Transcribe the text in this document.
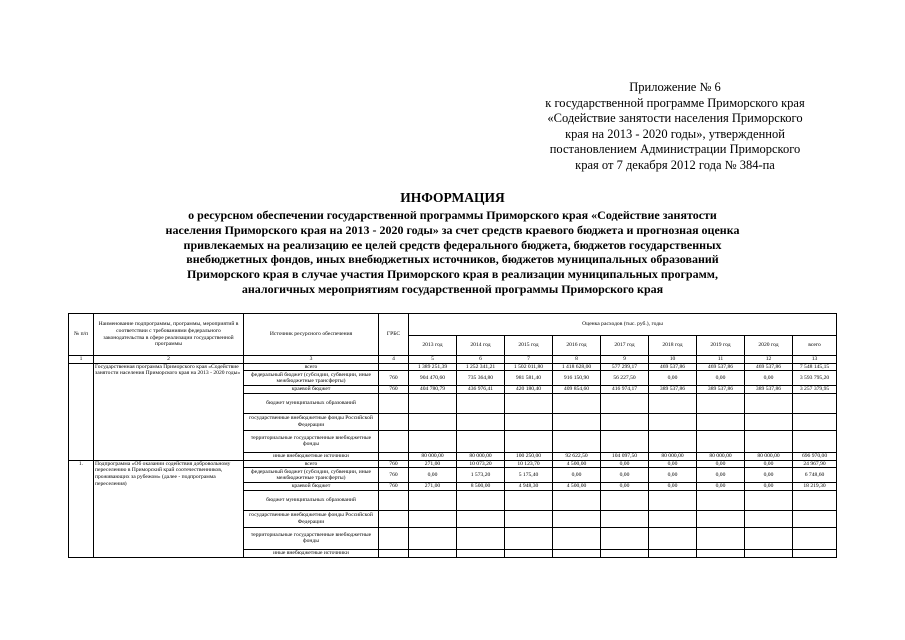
Приложение № 6
к государственной программе Приморского края
«Содействие занятости населения Приморского
края на 2013 - 2020 годы», утвержденной
постановлением Администрации Приморского
края от 7 декабря 2012 года № 384-па
ИНФОРМАЦИЯ
о ресурсном обеспечении государственной программы Приморского края «Содействие занятости
населения Приморского края на 2013 - 2020 годы» за счет средств краевого бюджета и прогнозная оценка
привлекаемых на реализацию ее целей средств федерального бюджета, бюджетов государственных
внебюджетных фондов, иных внебюджетных источников, бюджетов муниципальных образований
Приморского края в случае участия Приморского края в реализации муниципальных программ,
аналогичных мероприятиям государственной программы Приморского края
№ п/п	Наименование подпрограммы, программы, мероприятий в соответствии с требованиями федерального законодательства в сфере реализации государственной программы	Источник ресурсного обеспечения	ГРБС	Оценка расходов (тыс. руб.), годы								
				2013 год	2014 год	2015 год	2016 год	2017 год	2018 год	2019 год	2020 год	всего
1	2	3	4	5	6	7	8	9	10	11	12	13
	Государственная программа Приморского края «Содействие занятости населения Приморского края на 2013 - 2020 годы»	всего		1 389 251,39	1 252 341,21	1 502 011,80	1 418 628,00	577 299,17	469 537,86	469 537,86	469 537,86	7 548 145,15
		федеральный бюджет (субсидии, субвенции, иные межбюджетные трансферты)	760	904 470,60	735 364,80	981 581,40	916 150,90	56 227,50	0,00	0,00	0,00	3 593 795,20
		краевой бюджет	760	404 780,79	436 976,41	420 180,40	409 854,60	416 974,17	389 537,86	389 537,86	389 537,86	3 257 379,95
		бюджет муниципальных образований										
		государственные внебюджетные фонды Российской Федерации										
		территориальные государственные внебюджетные фонды										
		иные внебюджетные источники		80 000,00	80 000,00	100 250,00	92 622,50	104 097,50	80 000,00	80 000,00	80 000,00	696 970,00
1.	Подпрограмма «Об оказании содействия добровольному переселению в Приморский край соотечественников, проживающих за рубежом» (далее - подпрограмма переселения)	всего	760	271,00	10 073,20	10 123,70	4 500,00	0,00	0,00	0,00	0,00	24 967,90
		федеральный бюджет (субсидии, субвенции, иные межбюджетные трансферты)	760	0,00	1 573,20	5 175,40	0,00	0,00	0,00	0,00	0,00	6 748,60
		краевой бюджет	760	271,00	8 500,00	4 948,30	4 500,00	0,00	0,00	0,00	0,00	18 219,30
		бюджет муниципальных образований										
		государственные внебюджетные фонды Российской Федерации										
		территориальные государственные внебюджетные фонды										
		иные внебюджетные источники										
